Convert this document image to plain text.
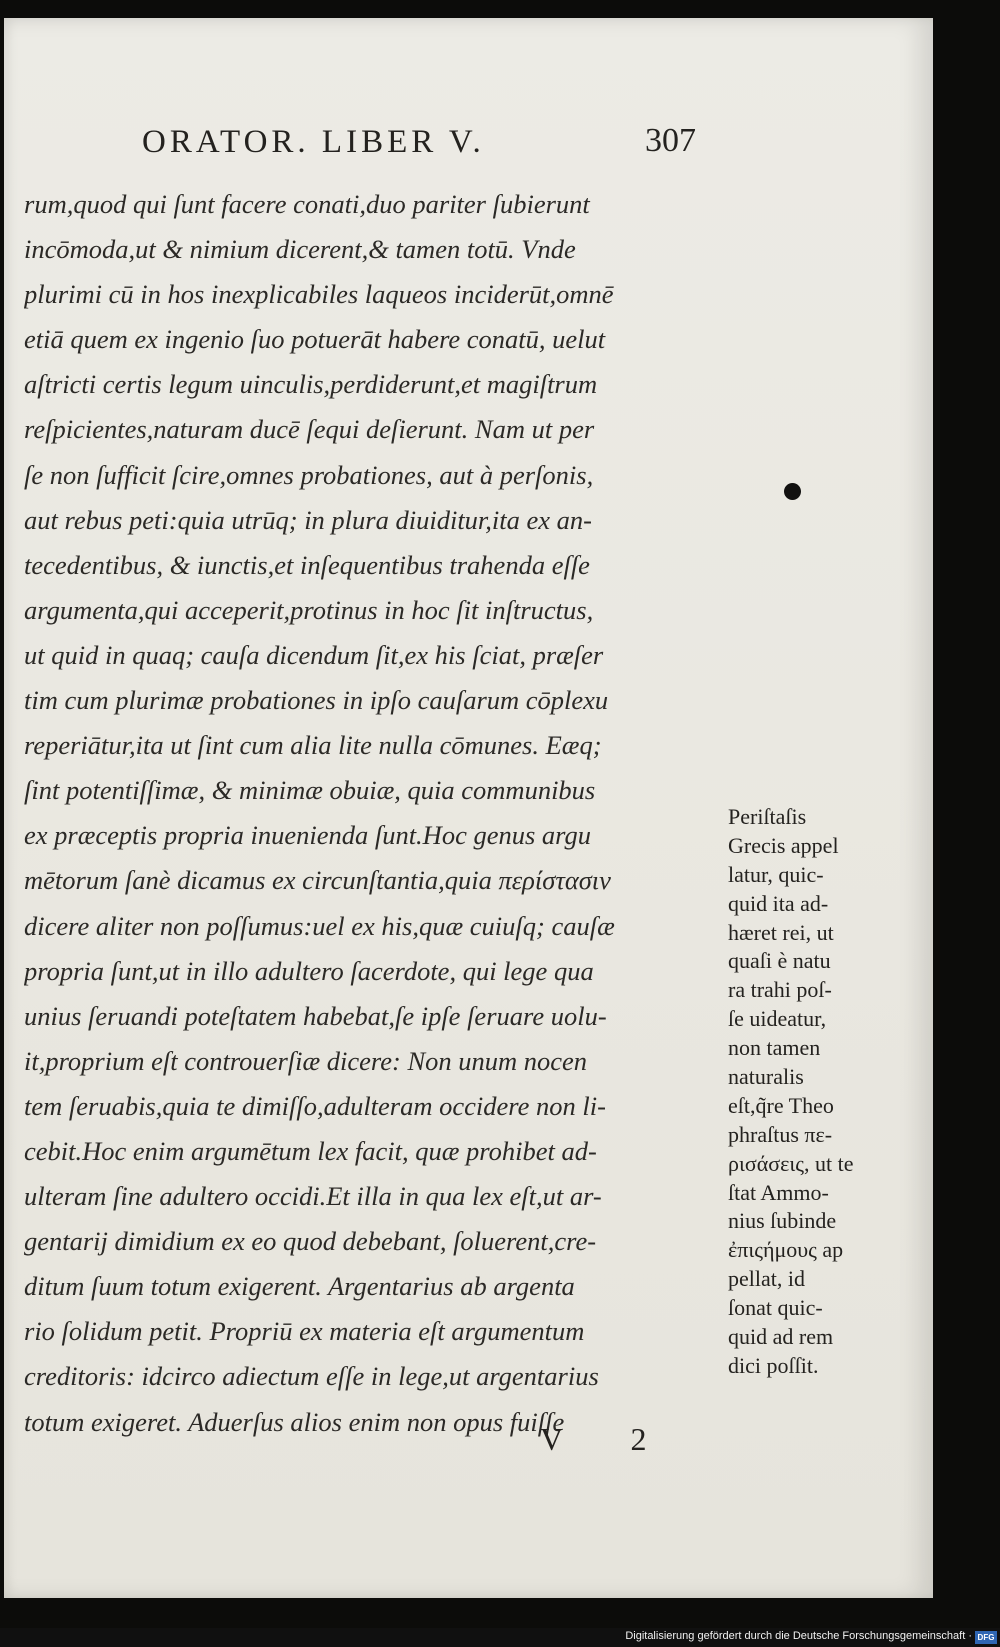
ORATOR. LIBER V.	307
rum,quod qui ſunt facere conati,duo pariter ſubierunt
incōmoda,ut & nimium dicerent,& tamen totū. Vnde
plurimi cū in hos inexplicabiles laqueos inciderūt,omnē
etiā quem ex ingenio ſuo potuerāt habere conatū, uelut
aſtricti certis legum uinculis,perdiderunt,et magiſtrum
reſpicientes,naturam ducē ſequi deſierunt. Nam ut per
ſe non ſufficit ſcire,omnes probationes, aut à perſonis,
aut rebus peti:quia utrūq; in plura diuiditur,ita ex an-
tecedentibus, & iunctis,et inſequentibus trahenda eſſe
argumenta,qui acceperit,protinus in hoc ſit inſtructus,
ut quid in quaq; cauſa dicendum ſit,ex his ſciat, præſer
tim cum plurimæ probationes in ipſo cauſarum cōplexu
reperiātur,ita ut ſint cum alia lite nulla cōmunes. Eæq;
ſint potentiſſimæ, & minimæ obuiæ, quia communibus
ex præceptis propria inuenienda ſunt.Hoc genus argu
mētorum ſanè dicamus ex circunſtantia,quia περίστασιν
dicere aliter non poſſumus:uel ex his,quæ cuiuſq; cauſæ
propria ſunt,ut in illo adultero ſacerdote, qui lege qua
unius ſeruandi poteſtatem habebat,ſe ipſe ſeruare uolu-
it,proprium eſt controuerſiæ dicere: Non unum nocen
tem ſeruabis,quia te dimiſſo,adulteram occidere non li-
cebit.Hoc enim argumētum lex facit, quæ prohibet ad-
ulteram ſine adultero occidi.Et illa in qua lex eſt,ut ar-
gentarij dimidium ex eo quod debebant, ſoluerent,cre-
ditum ſuum totum exigerent. Argentarius ab argenta
rio ſolidum petit. Propriū ex materia eſt argumentum
creditoris: idcirco adiectum eſſe in lege,ut argentarius
totum exigeret. Aduerſus alios enim non opus fuiſſe
Periſtaſis
Grecis appel
latur, quic-
quid ita ad-
hæret rei, ut
quaſi è natu
ra trahi poſ-
ſe uideatur,
non tamen
naturalis
eſt,q̃re Theo
phraſtus πε-
ρισάσεις, ut te
ſtat Ammo-
nius ſubinde
ἐπιςήμους ap
pellat, id
ſonat quic-
quid ad rem
dici poſſit.
V 2
Digitalisierung gefördert durch die Deutsche Forschungsgemeinschaft · DFG
